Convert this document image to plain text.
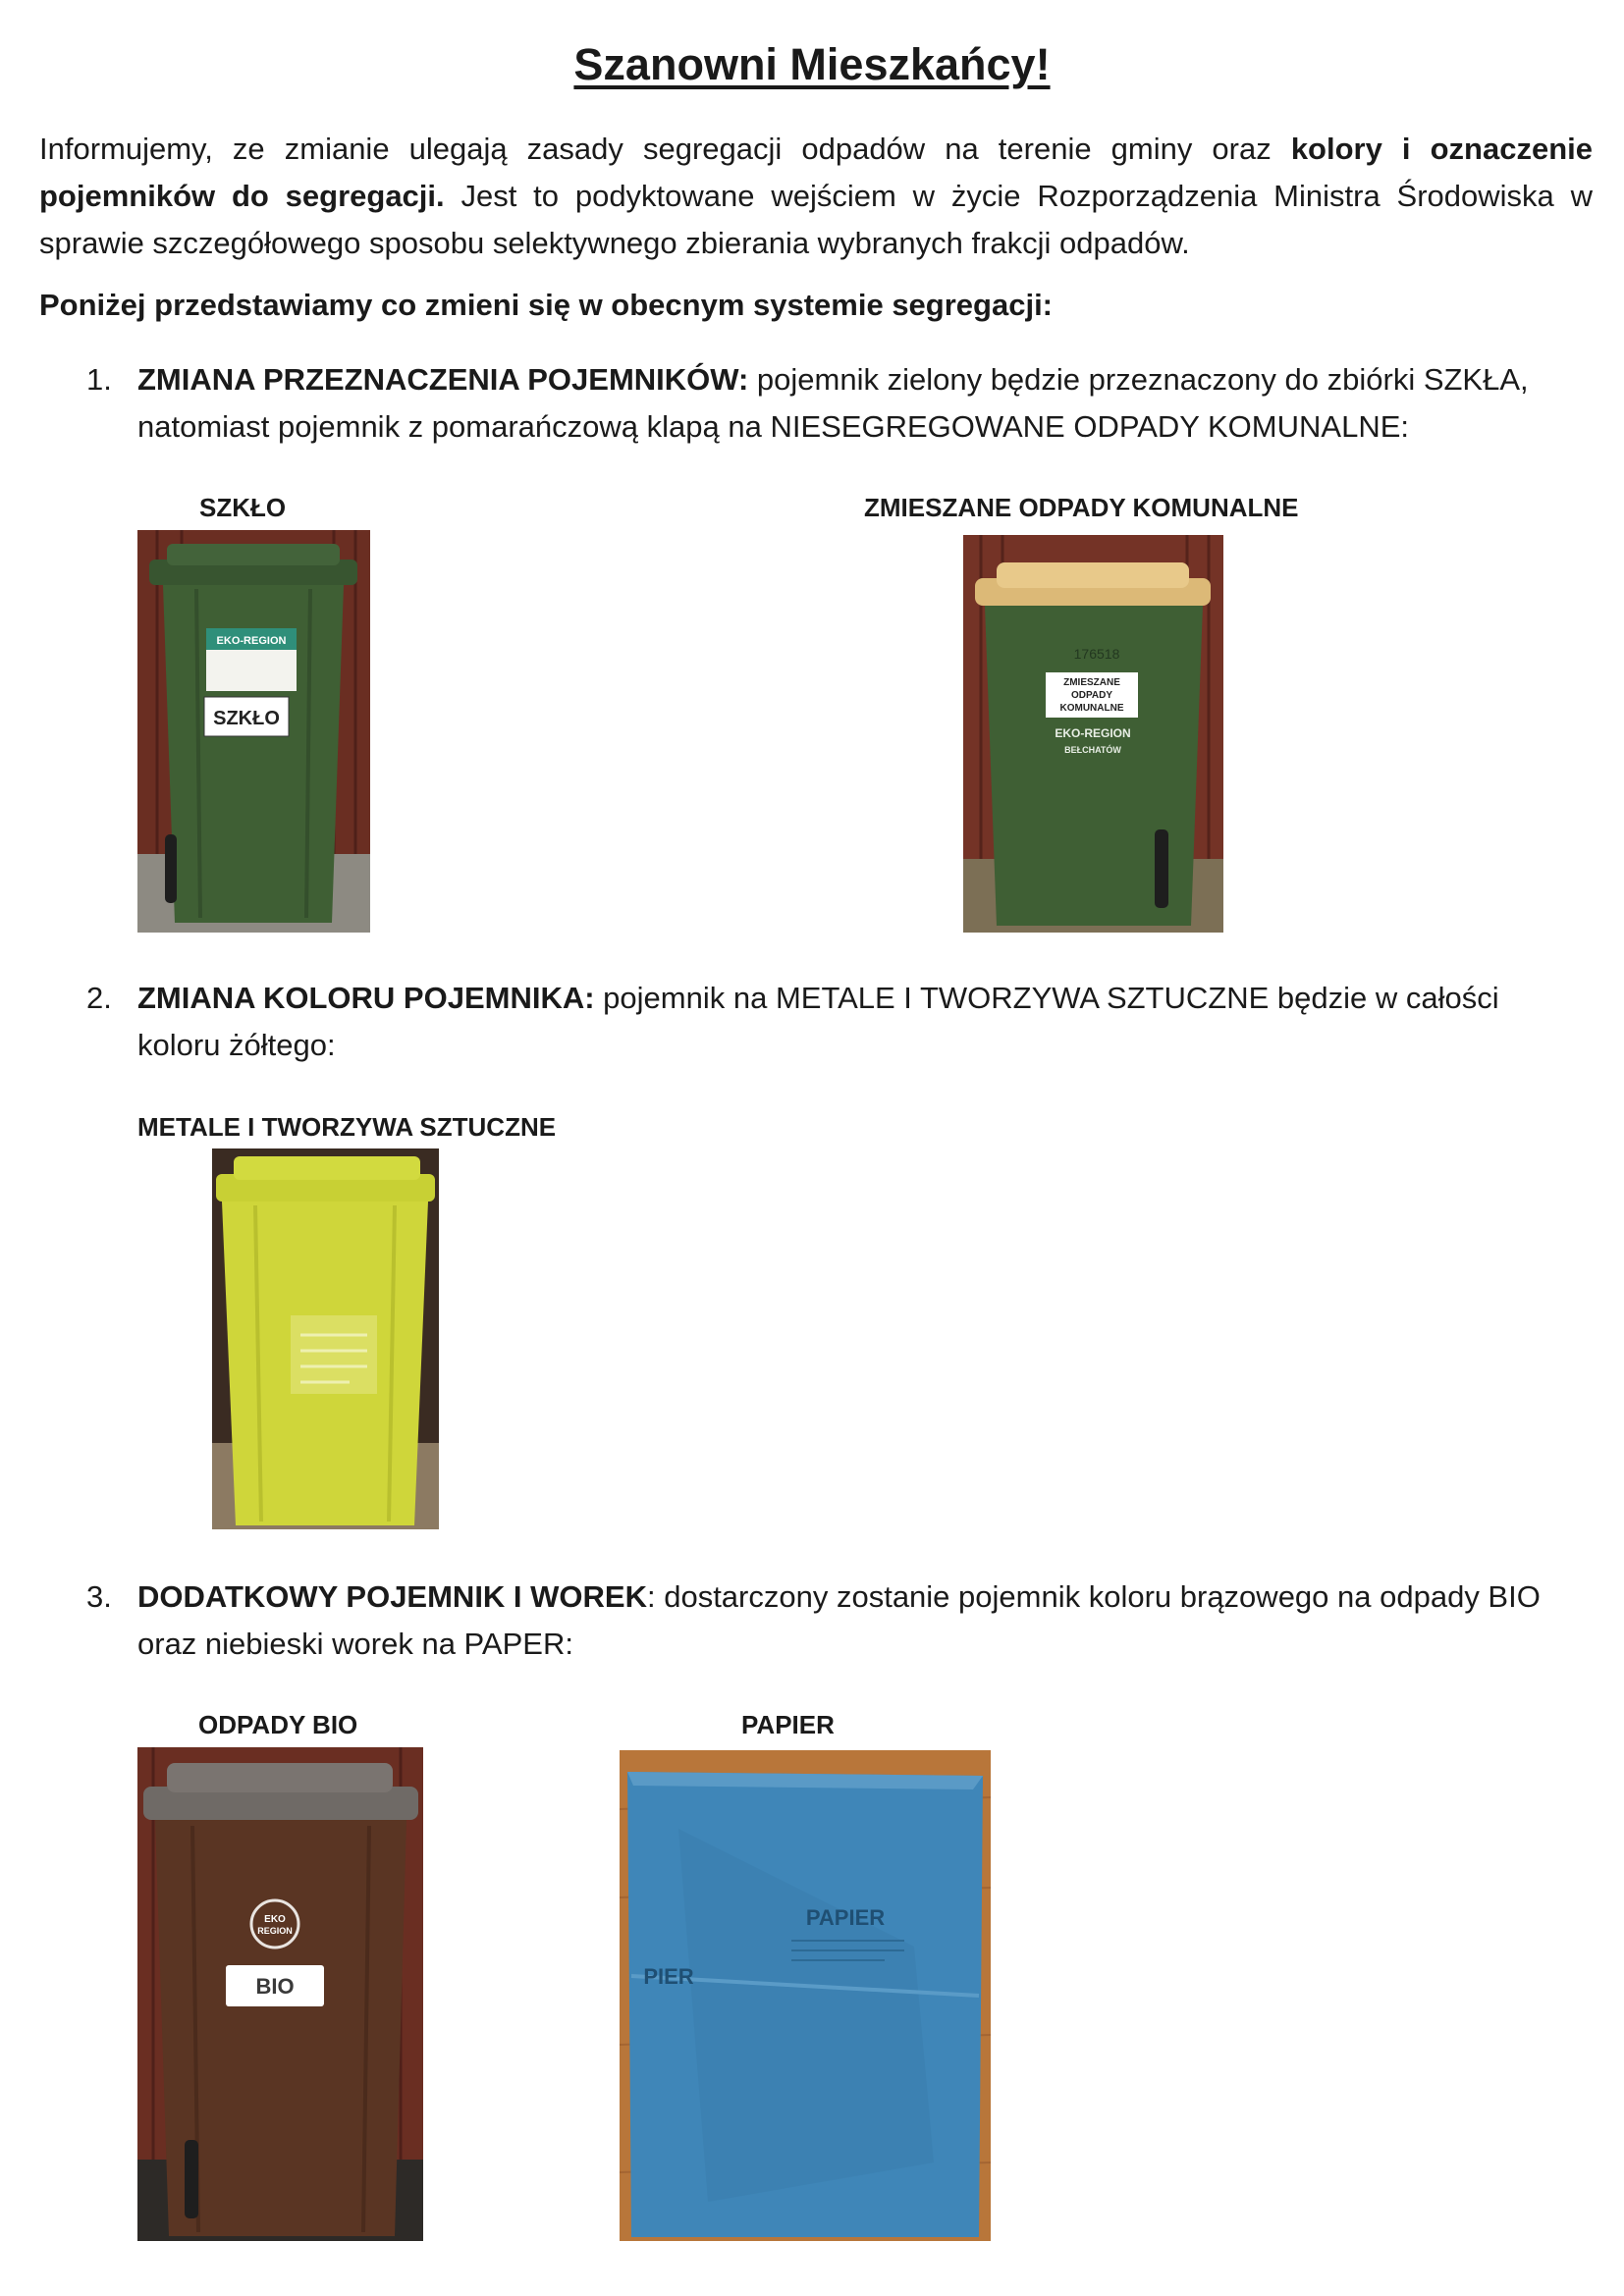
Szanowni Mieszkańcy!

Informujemy, ze zmianie ulegają zasady segregacji odpadów na terenie gminy oraz kolory i oznaczenie pojemników do segregacji. Jest to podyktowane wejściem w życie Rozporządzenia Ministra Środowiska w sprawie szczegółowego sposobu selektywnego zbierania wybranych frakcji odpadów.

Poniżej przedstawiamy co zmieni się w obecnym systemie segregacji:

1. ZMIANA PRZEZNACZENIA POJEMNIKÓW: pojemnik zielony będzie przeznaczony do zbiórki SZKŁA, natomiast pojemnik z pomarańczową klapą na NIESEGREGOWANE ODPADY KOMUNALNE:

SZKŁO	ZMIESZANE ODPADY KOMUNALNE
EKO-REGION
SZKŁO
176518
ZMIESZANE
ODPADY
KOMUNALNE
EKO-REGION
BEŁCHATÓW

2. ZMIANA KOLORU POJEMNIKA: pojemnik na METALE I TWORZYWA SZTUCZNE będzie w całości koloru żółtego:

METALE I TWORZYWA SZTUCZNE

3. DODATKOWY POJEMNIK I WOREK: dostarczony zostanie pojemnik koloru brązowego na odpady BIO oraz niebieski worek na PAPER:

ODPADY BIO	PAPIER
EKO
REGION
BIO
PAPIER
PIER
